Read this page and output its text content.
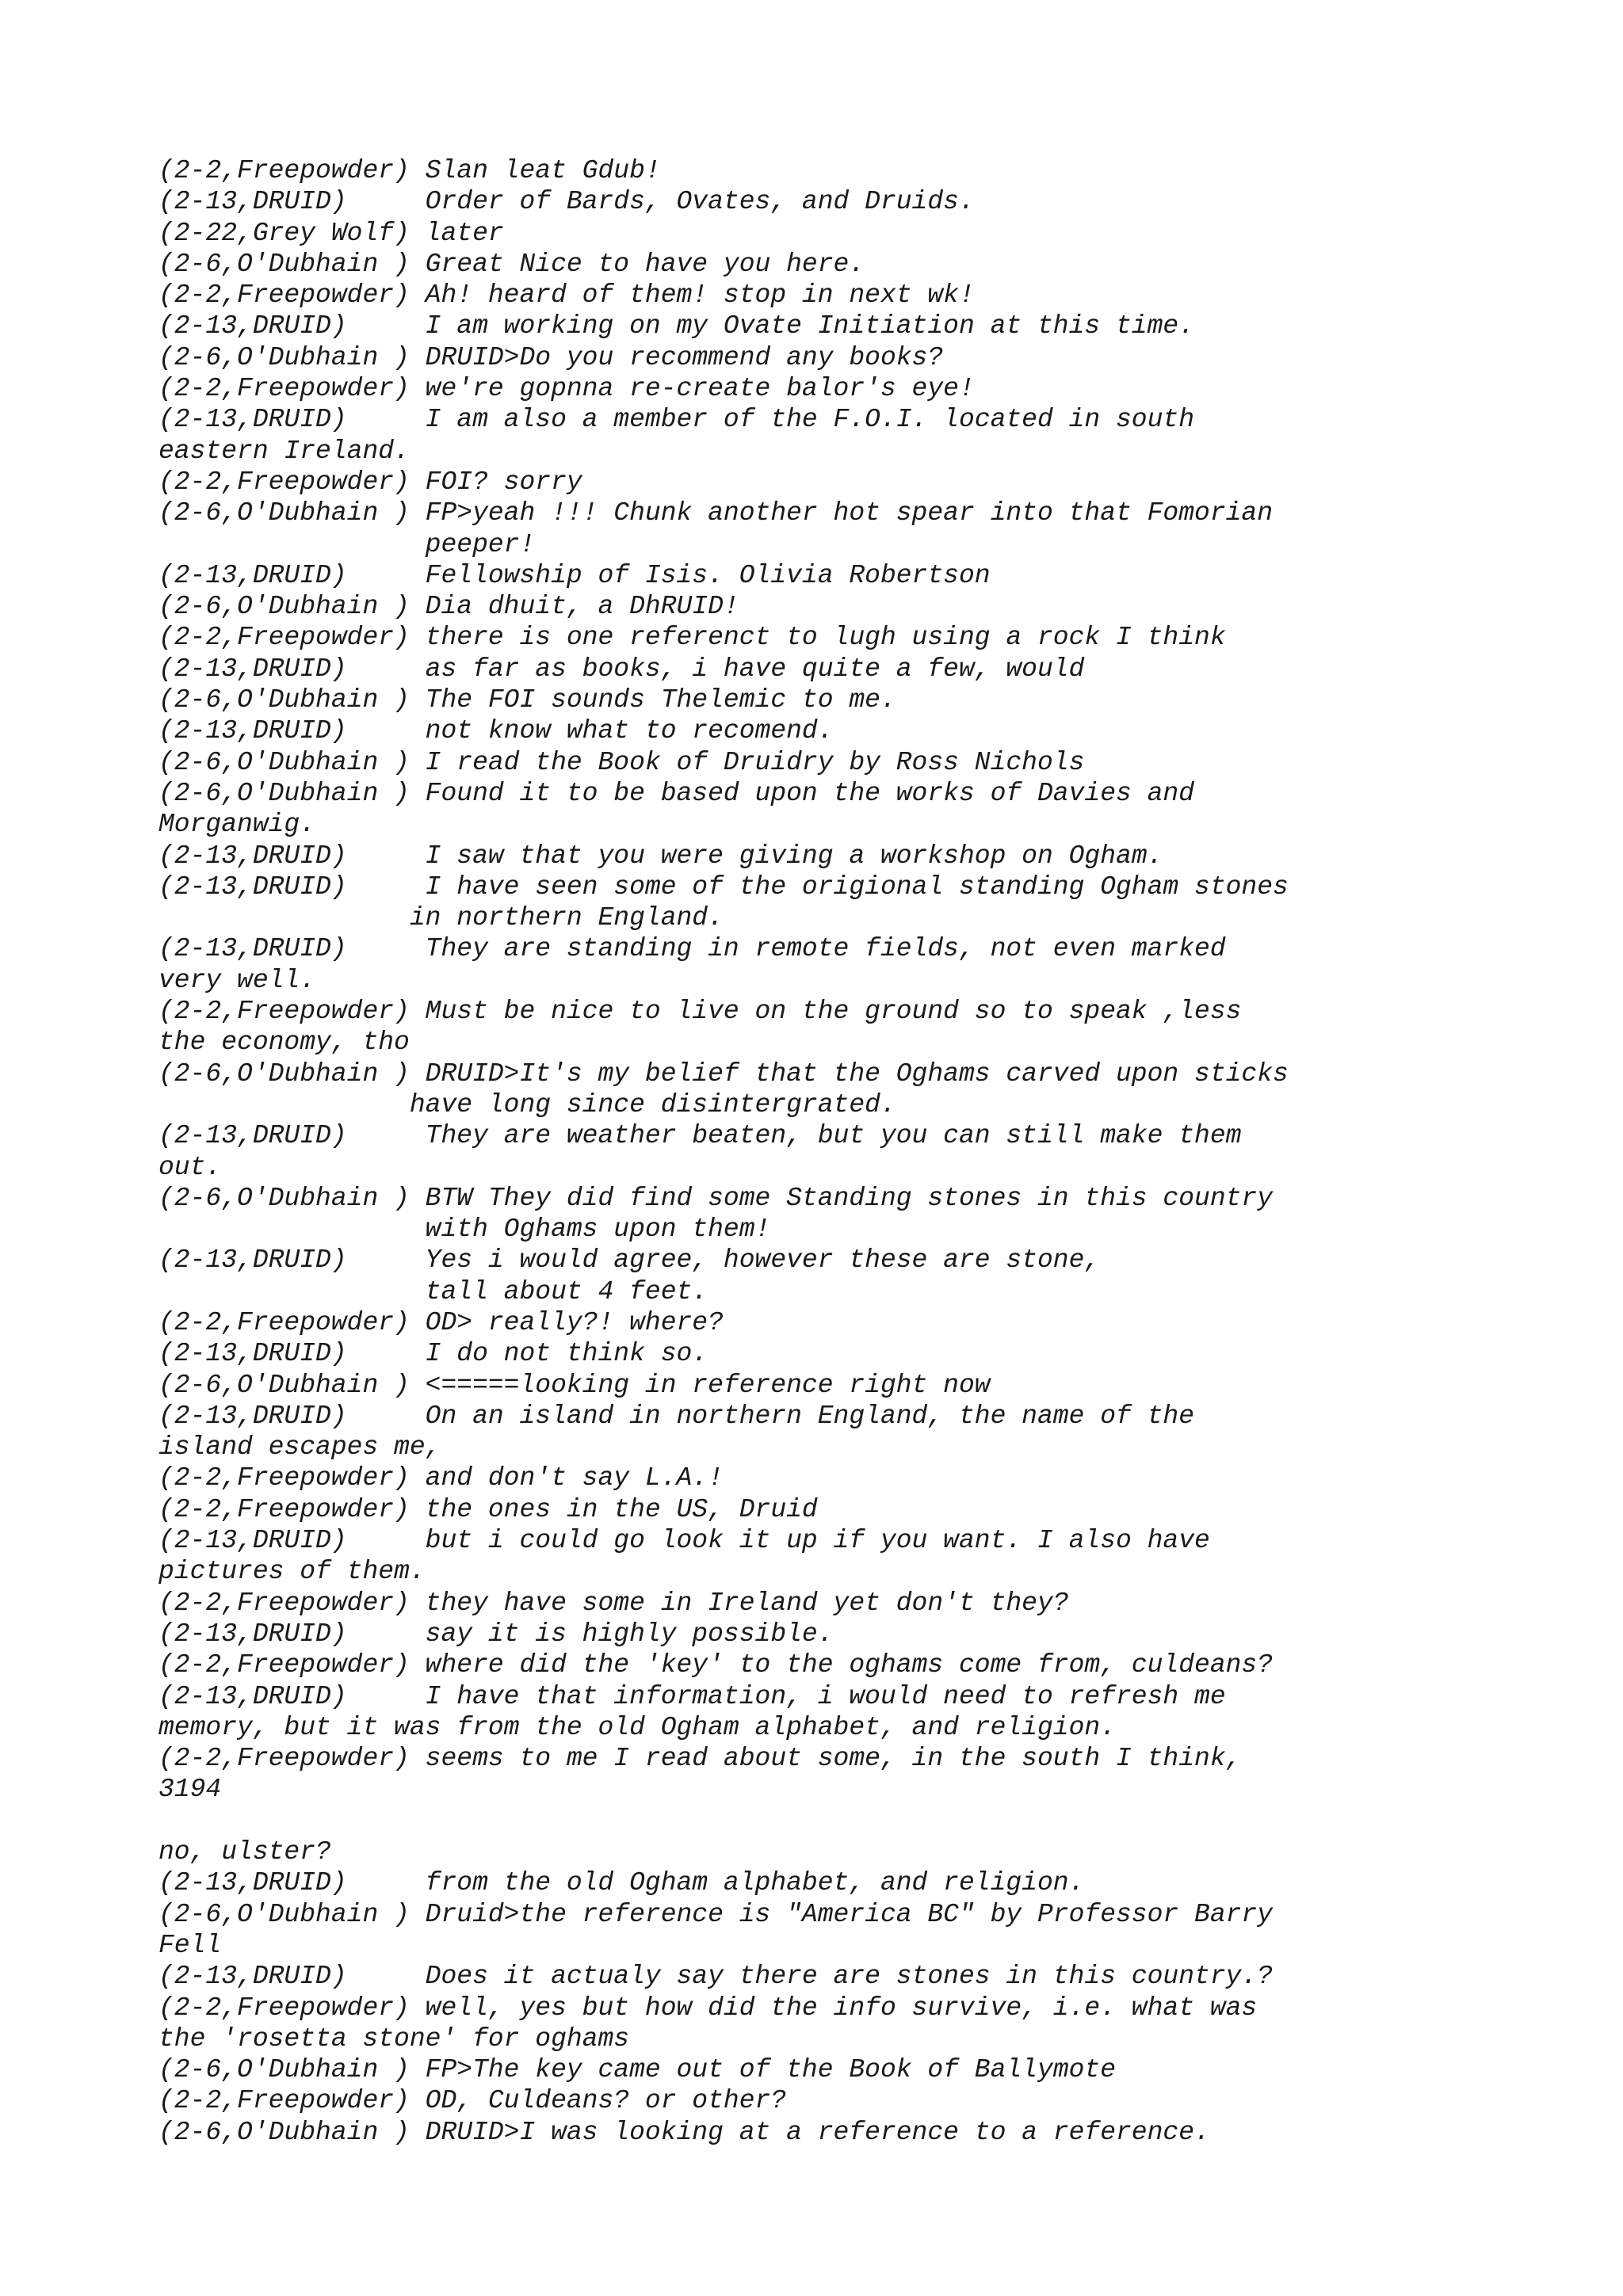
(2-2,Freepowder) Slan leat Gdub!
(2-13,DRUID)     Order of Bards, Ovates, and Druids.
(2-22,Grey Wolf) later
(2-6,O'Dubhain ) Great Nice to have you here.
(2-2,Freepowder) Ah! heard of them! stop in next wk!
(2-13,DRUID)     I am working on my Ovate Initiation at this time.
(2-6,O'Dubhain ) DRUID>Do you recommend any books?
(2-2,Freepowder) we're gopnna re-create balor's eye!
(2-13,DRUID)     I am also a member of the F.O.I. located in south
eastern Ireland.
(2-2,Freepowder) FOI? sorry
(2-6,O'Dubhain ) FP>yeah !!! Chunk another hot spear into that Fomorian
peeper!
(2-13,DRUID)     Fellowship of Isis. Olivia Robertson
(2-6,O'Dubhain ) Dia dhuit, a DhRUID!
(2-2,Freepowder) there is one referenct to lugh using a rock I think
(2-13,DRUID)     as far as books, i have quite a few, would
(2-6,O'Dubhain ) The FOI sounds Thelemic to me.
(2-13,DRUID)     not know what to recomend.
(2-6,O'Dubhain ) I read the Book of Druidry by Ross Nichols
(2-6,O'Dubhain ) Found it to be based upon the works of Davies and
Morganwig.
(2-13,DRUID)     I saw that you were giving a workshop on Ogham.
(2-13,DRUID)     I have seen some of the origional standing Ogham stones
in northern England.
(2-13,DRUID)     They are standing in remote fields, not even marked
very well.
(2-2,Freepowder) Must be nice to live on the ground so to speak ,less
the economy, tho
(2-6,O'Dubhain ) DRUID>It's my belief that the Oghams carved upon sticks
have long since disintergrated.
(2-13,DRUID)     They are weather beaten, but you can still make them
out.
(2-6,O'Dubhain ) BTW They did find some Standing stones in this country
with Oghams upon them!
(2-13,DRUID)     Yes i would agree, however these are stone,
tall about 4 feet.
(2-2,Freepowder) OD> really?! where?
(2-13,DRUID)     I do not think so.
(2-6,O'Dubhain ) <=====looking in reference right now
(2-13,DRUID)     On an island in northern England, the name of the
island escapes me,
(2-2,Freepowder) and don't say L.A.!
(2-2,Freepowder) the ones in the US, Druid
(2-13,DRUID)     but i could go look it up if you want. I also have
pictures of them.
(2-2,Freepowder) they have some in Ireland yet don't they?
(2-13,DRUID)     say it is highly possible.
(2-2,Freepowder) where did the 'key' to the oghams come from, culdeans?
(2-13,DRUID)     I have that information, i would need to refresh me
memory, but it was from the old Ogham alphabet, and religion.
(2-2,Freepowder) seems to me I read about some, in the south I think,
3194
no, ulster?
(2-13,DRUID)     from the old Ogham alphabet, and religion.
(2-6,O'Dubhain ) Druid>the reference is "America BC" by Professor Barry
Fell
(2-13,DRUID)     Does it actualy say there are stones in this country.?
(2-2,Freepowder) well, yes but how did the info survive, i.e. what was
the 'rosetta stone' for oghams
(2-6,O'Dubhain ) FP>The key came out of the Book of Ballymote
(2-2,Freepowder) OD, Culdeans? or other?
(2-6,O'Dubhain ) DRUID>I was looking at a reference to a reference.
